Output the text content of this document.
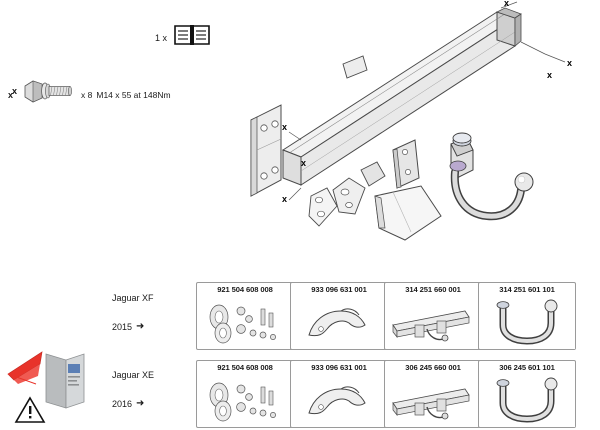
x	x 8 M14 x 55 at 148Nm
1 x
x
x
x
x
x
x
x
Jaguar XF
2015 ➜
921 504 608 008	933 096 631 001	314 251 660 001	314 251 601 101
Jaguar XE
2016 ➜
921 504 608 008	933 096 631 001	306 245 660 001	306 245 601 101
